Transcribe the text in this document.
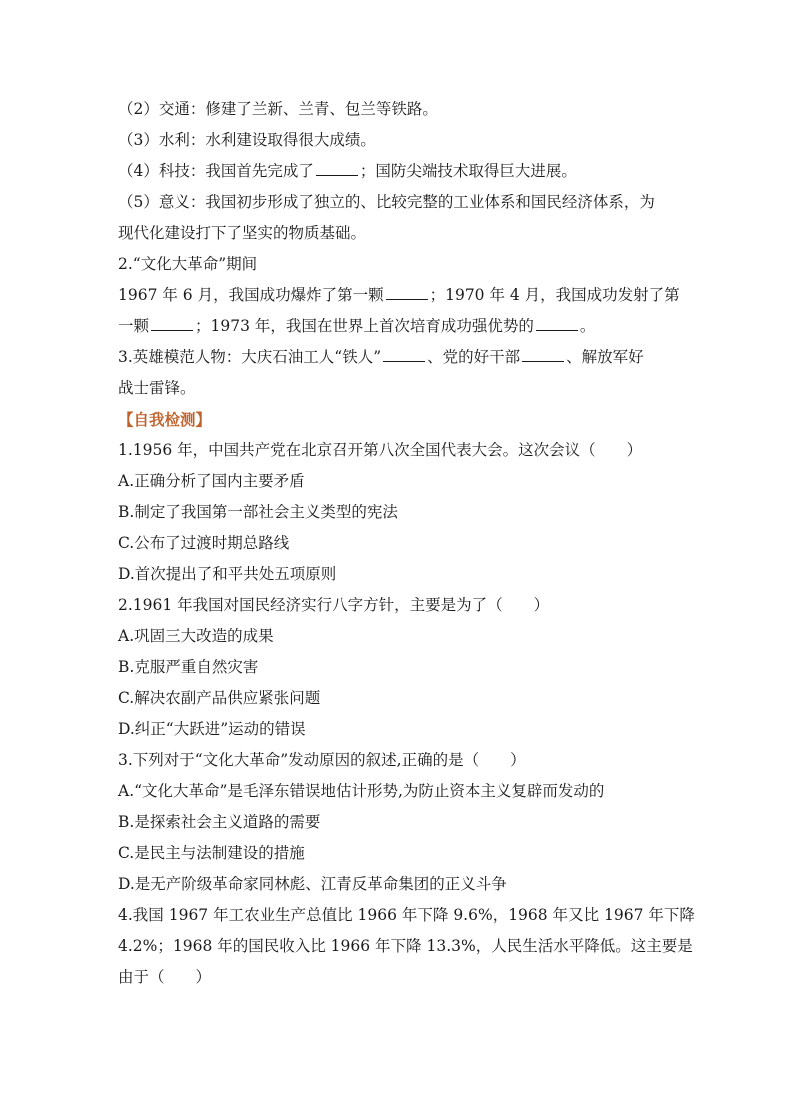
（2）交通：修建了兰新、兰青、包兰等铁路。
（3）水利：水利建设取得很大成绩。
（4）科技：我国首先完成了	；国防尖端技术取得巨大进展。
（5）意义：我国初步形成了独立的、比较完整的工业体系和国民经济体系，为
现代化建设打下了坚实的物质基础。
2.“文化大革命”期间
1967 年 6 月，我国成功爆炸了第一颗	；1970 年 4 月，我国成功发射了第
一颗	；1973 年，我国在世界上首次培育成功强优势的	。
3.英雄模范人物：大庆石油工人“铁人”	、党的好干部	、解放军好
战士雷锋。
【自我检测】
1.1956 年，中国共产党在北京召开第八次全国代表大会。这次会议（　　）
A.正确分析了国内主要矛盾
B.制定了我国第一部社会主义类型的宪法
C.公布了过渡时期总路线
D.首次提出了和平共处五项原则
2.1961 年我国对国民经济实行八字方针，主要是为了（　　）
A.巩固三大改造的成果
B.克服严重自然灾害
C.解决农副产品供应紧张问题
D.纠正“大跃进”运动的错误
3.下列对于“文化大革命”发动原因的叙述,正确的是（　　）
A.“文化大革命”是毛泽东错误地估计形势,为防止资本主义复辟而发动的
B.是探索社会主义道路的需要
C.是民主与法制建设的措施
D.是无产阶级革命家同林彪、江青反革命集团的正义斗争
4.我国 1967 年工农业生产总值比 1966 年下降 9.6%，1968 年又比 1967 年下降
4.2%；1968 年的国民收入比 1966 年下降 13.3%，人民生活水平降低。这主要是
由于（　　）
